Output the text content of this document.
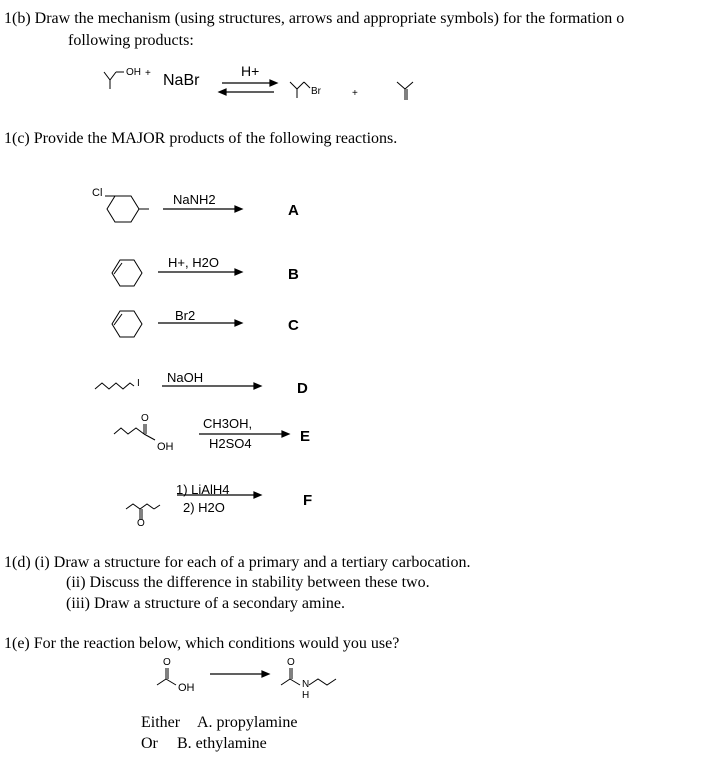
1(b) Draw the mechanism (using structures, arrows and appropriate symbols) for the formation o
following products:
OH + NaBr
H+
Br	+
1(c) Provide the MAJOR products of the following reactions.
Cl	NaNH2
A
H+, H2O
B
Br2
C
I NaOH
D
O
OH
CH3OH,
H2SO4	E
O
1) LiAlH4
2) H2O	F
1(d) (i) Draw a structure for each of a primary and a tertiary carbocation.
(ii) Discuss the difference in stability between these two.
(iii) Draw a structure of a secondary amine.
1(e) For the reaction below, which conditions would you use?
O
OH
O
N
H
Either A. propylamine
Or B. ethylamine
